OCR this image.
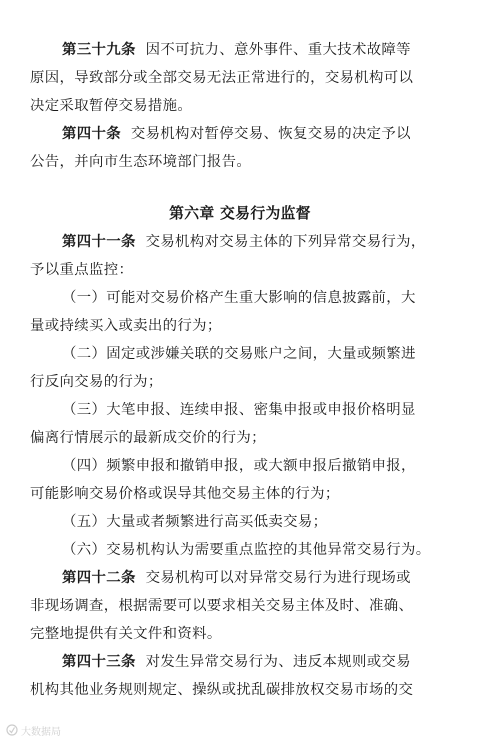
第三十九条 因不可抗力、意外事件、重大技术故障等
原因，导致部分或全部交易无法正常进行的，交易机构可以
决定采取暂停交易措施。
第四十条 交易机构对暂停交易、恢复交易的决定予以
公告，并向市生态环境部门报告。
第六章 交易行为监督
第四十一条 交易机构对交易主体的下列异常交易行为，
予以重点监控：
（一）可能对交易价格产生重大影响的信息披露前，大
量或持续买入或卖出的行为；
（二）固定或涉嫌关联的交易账户之间，大量或频繁进
行反向交易的行为；
（三）大笔申报、连续申报、密集申报或申报价格明显
偏离行情展示的最新成交价的行为；
（四）频繁申报和撤销申报，或大额申报后撤销申报，
可能影响交易价格或误导其他交易主体的行为；
（五）大量或者频繁进行高买低卖交易；
（六）交易机构认为需要重点监控的其他异常交易行为。
第四十二条 交易机构可以对异常交易行为进行现场或
非现场调查，根据需要可以要求相关交易主体及时、准确、
完整地提供有关文件和资料。
第四十三条 对发生异常交易行为、违反本规则或交易
机构其他业务规则规定、操纵或扰乱碳排放权交易市场的交
大数据局
